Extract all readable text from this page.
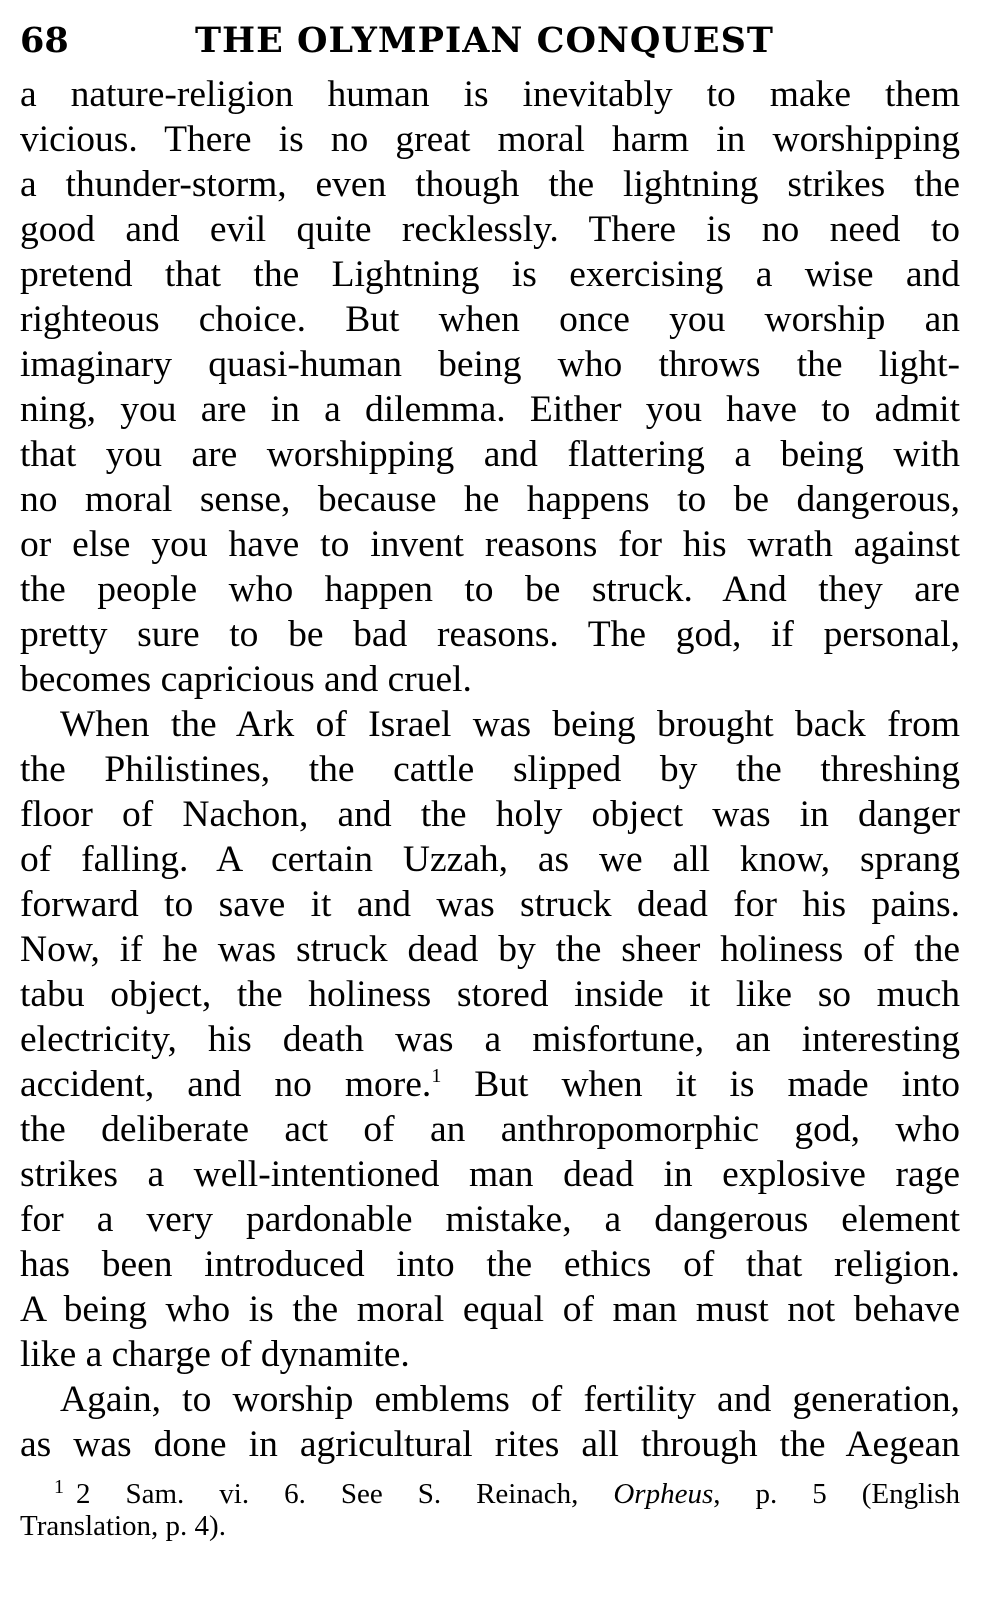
68	THE OLYMPIAN CONQUEST
a nature-religion human is inevitably to make them
vicious. There is no great moral harm in worshipping
a thunder-storm, even though the lightning strikes the
good and evil quite recklessly. There is no need to
pretend that the Lightning is exercising a wise and
righteous choice. But when once you worship an
imaginary quasi-human being who throws the light-
ning, you are in a dilemma. Either you have to admit
that you are worshipping and flattering a being with
no moral sense, because he happens to be dangerous,
or else you have to invent reasons for his wrath against
the people who happen to be struck. And they are
pretty sure to be bad reasons. The god, if personal,
becomes capricious and cruel.
When the Ark of Israel was being brought back from
the Philistines, the cattle slipped by the threshing
floor of Nachon, and the holy object was in danger
of falling. A certain Uzzah, as we all know, sprang
forward to save it and was struck dead for his pains.
Now, if he was struck dead by the sheer holiness of the
tabu object, the holiness stored inside it like so much
electricity, his death was a misfortune, an interesting
accident, and no more.$^1$ But when it is made into
the deliberate act of an anthropomorphic god, who
strikes a well-intentioned man dead in explosive rage
for a very pardonable mistake, a dangerous element
has been introduced into the ethics of that religion.
A being who is the moral equal of man must not behave
like a charge of dynamite.
Again, to worship emblems of fertility and generation,
as was done in agricultural rites all through the Aegean
$^1$ 2 Sam. vi. 6. See S. Reinach, Orpheus, p. 5 (English
Translation, p. 4).
